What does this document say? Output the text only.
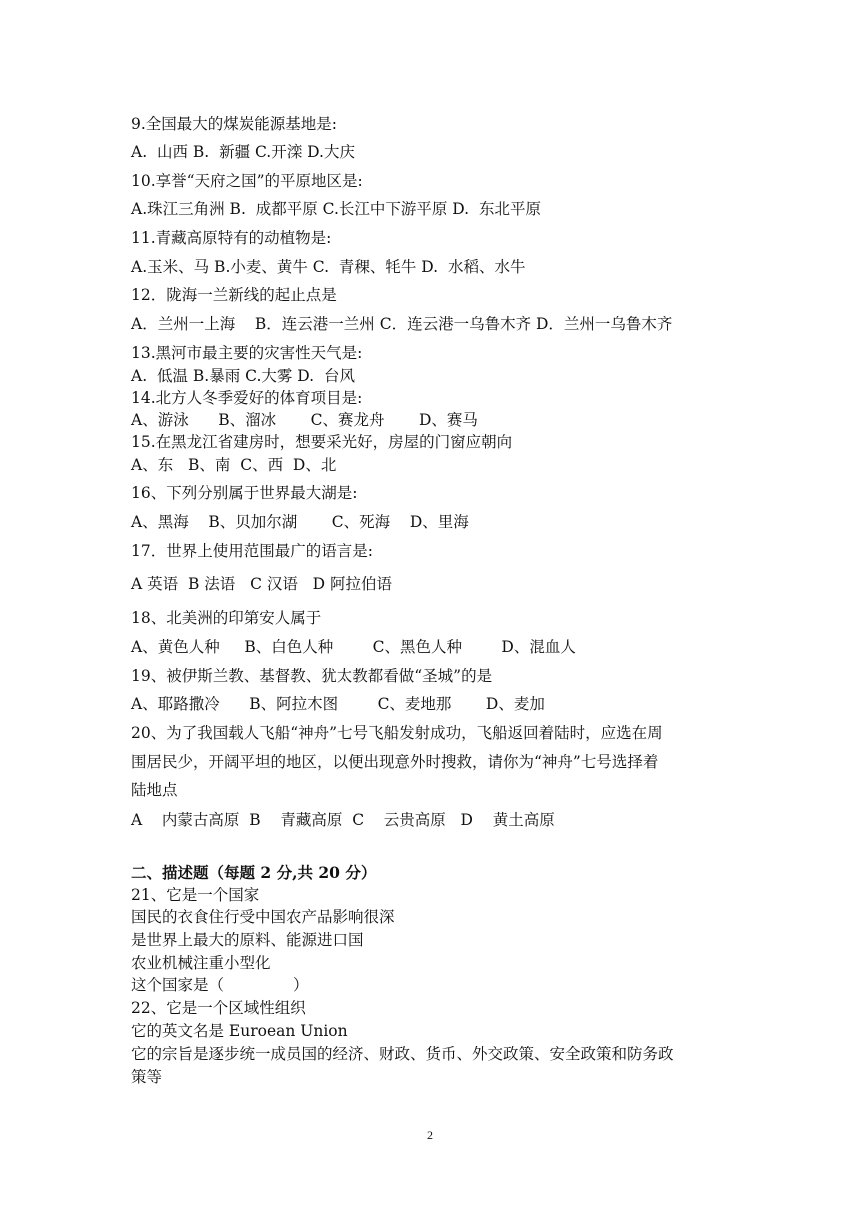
9.全国最大的煤炭能源基地是:
A.  山西 B.  新疆 C.开滦 D.大庆
10.享誉“天府之国”的平原地区是:
A.珠江三角洲 B.  成都平原 C.长江中下游平原 D.  东北平原
11.青藏高原特有的动植物是:
A.玉米、马 B.小麦、黄牛 C.  青稞、牦牛 D.  水稻、水牛
12．陇海一兰新线的起止点是
A．兰州一上海    B．连云港一兰州 C．连云港一乌鲁木齐 D．兰州一乌鲁木齐
13.黑河市最主要的灾害性天气是:
A.  低温 B.暴雨 C.大雾 D.  台风
14.北方人冬季爱好的体育项目是:
A、游泳      B、溜冰       C、赛龙舟       D、赛马
15.在黑龙江省建房时，想要采光好，房屋的门窗应朝向
A、东   B、南  C、西  D、北
16、下列分别属于世界最大湖是:
A、黑海    B、贝加尔湖       C、死海    D、里海
17．世界上使用范围最广的语言是:
A 英语  B 法语   C 汉语   D 阿拉伯语
18、北美洲的印第安人属于
A、黄色人种     B、白色人种        C、黑色人种        D、混血人
19、被伊斯兰教、基督教、犹太教都看做“圣城”的是
A、耶路撒冷      B、阿拉木图        C、麦地那       D、麦加
20、为了我国载人飞船“神舟”七号飞船发射成功，飞船返回着陆时，应选在周
围居民少，开阔平坦的地区，以便出现意外时搜救，请你为“神舟”七号选择着
陆地点
A    内蒙古高原  B    青藏高原  C    云贵高原   D    黄土高原
二、描述题（每题 2 分,共 20 分）
21、它是一个国家
国民的衣食住行受中国农产品影响很深
是世界上最大的原料、能源进口国
农业机械注重小型化
这个国家是（              ）
22、它是一个区域性组织
它的英文名是 Euroean Union
它的宗旨是逐步统一成员国的经济、财政、货币、外交政策、安全政策和防务政
策等
2
